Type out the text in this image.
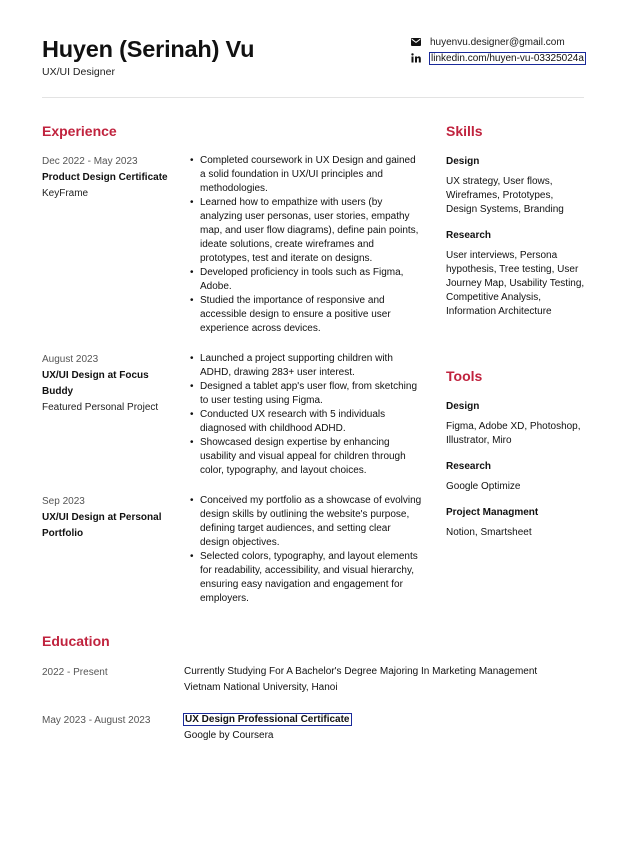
Huyen (Serinah) Vu
UX/UI Designer
huyenvu.designer@gmail.com
linkedin.com/huyen-vu-03325024a
Experience
Dec 2022 - May 2023
Product Design Certificate
KeyFrame
• Completed coursework in UX Design and gained a solid foundation in UX/UI principles and methodologies.
• Learned how to empathize with users (by analyzing user personas, user stories, empathy map, and user flow diagrams), define pain points, ideate solutions, create wireframes and prototypes, test and iterate on designs.
• Developed proficiency in tools such as Figma, Adobe.
• Studied the importance of responsive and accessible design to ensure a positive user experience across devices.
August 2023
UX/UI Design at Focus Buddy
Featured Personal Project
• Launched a project supporting children with ADHD, drawing 283+ user interest.
• Designed a tablet app's user flow, from sketching to user testing using Figma.
• Conducted UX research with 5 individuals diagnosed with childhood ADHD.
• Showcased design expertise by enhancing usability and visual appeal for children through color, typography, and layout choices.
Sep 2023
UX/UI Design at Personal Portfolio
• Conceived my portfolio as a showcase of evolving design skills by outlining the website's purpose, defining target audiences, and setting clear design objectives.
• Selected colors, typography, and layout elements for readability, accessibility, and visual hierarchy, ensuring easy navigation and engagement for employers.
Skills
Design
UX strategy, User flows, Wireframes, Prototypes, Design Systems, Branding
Research
User interviews, Persona hypothesis, Tree testing, User Journey Map, Usability Testing, Competitive Analysis, Information Architecture
Tools
Design
Figma, Adobe XD, Photoshop, Illustrator, Miro
Research
Google Optimize
Project Managment
Notion, Smartsheet
Education
2022 - Present	Currently Studying For A Bachelor's Degree Majoring In Marketing Management
Vietnam National University, Hanoi
May 2023 - August 2023	UX Design Professional Certificate
Google by Coursera
